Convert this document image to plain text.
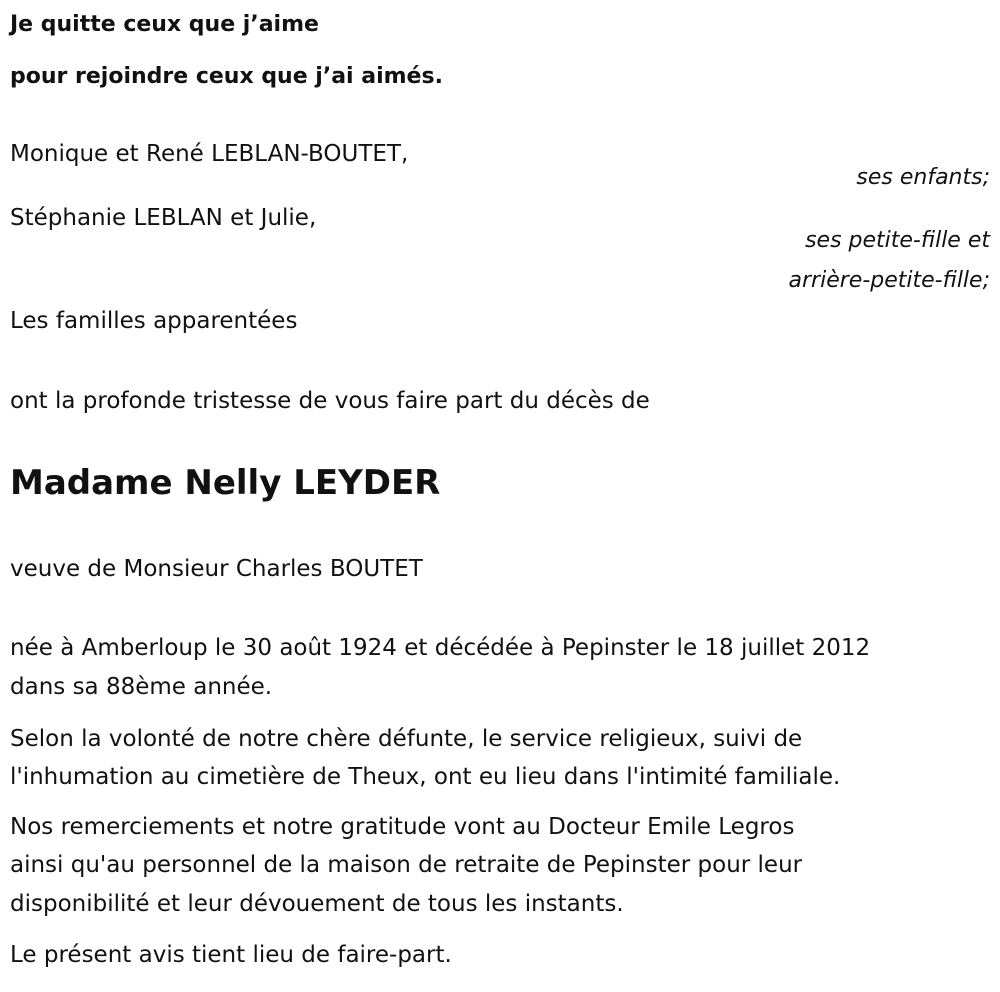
Je quitte ceux que j’aime
pour rejoindre ceux que j’ai aimés.
Monique et René LEBLAN-BOUTET,
ses enfants;
Stéphanie LEBLAN et Julie,
ses petite-fille et
arrière-petite-fille;
Les familles apparentées
ont la profonde tristesse de vous faire part du décès de
Madame Nelly LEYDER
veuve de Monsieur Charles BOUTET
née à Amberloup le 30 août 1924 et décédée à Pepinster le 18 juillet 2012
dans sa 88ème année.
Selon la volonté de notre chère défunte, le service religieux, suivi de
l'inhumation au cimetière de Theux, ont eu lieu dans l'intimité familiale.
Nos remerciements et notre gratitude vont au Docteur Emile Legros
ainsi qu'au personnel de la maison de retraite de Pepinster pour leur
disponibilité et leur dévouement de tous les instants.
Le présent avis tient lieu de faire-part.
